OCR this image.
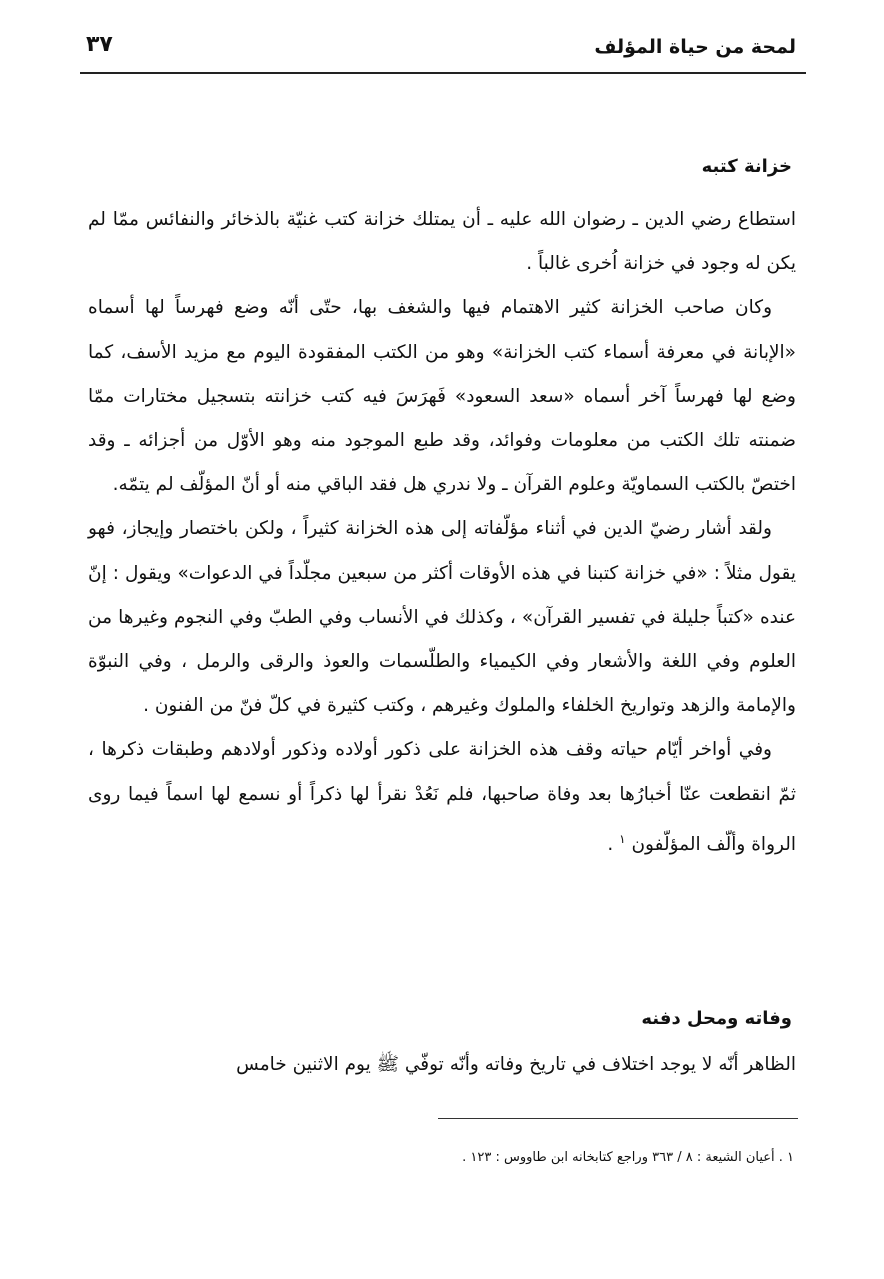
لمحة من حياة المؤلف
٣٧
خزانة كتبه

استطاع رضي الدين ـ رضوان الله عليه ـ أن يمتلك خزانة كتب غنيّة بالذخائر والنفائس ممّا لم يكن له وجود في خزانة اُخرى غالباً .

وكان صاحب الخزانة كثير الاهتمام فيها والشغف بها، حتّى أنّه وضع فهرساً لها أسماه «الإبانة في معرفة أسماء كتب الخزانة» وهو من الكتب المفقودة اليوم مع مزيد الأسف، كما وضع لها فهرساً آخر أسماه «سعد السعود» فَهرَسَ فيه كتب خزانته بتسجيل مختارات ممّا ضمنته تلك الكتب من معلومات وفوائد، وقد طبع الموجود منه وهو الأوّل من أجزائه ـ وقد اختصّ بالكتب السماويّة وعلوم القرآن ـ ولا ندري هل فقد الباقي منه أو أنّ المؤلّف لم يتمّه.

ولقد أشار رضيّ الدين في أثناء مؤلّفاته إلى هذه الخزانة كثيراً ، ولكن باختصار وإيجاز، فهو يقول مثلاً : «في خزانة كتبنا في هذه الأوقات أكثر من سبعين مجلّداً في الدعوات» ويقول : إنّ عنده «كتباً جليلة في تفسير القرآن» ، وكذلك في الأنساب وفي الطبّ وفي النجوم وغيرها من العلوم وفي اللغة والأشعار وفي الكيمياء والطلّسمات والعوذ والرقى والرمل ، وفي النبوّة والإمامة والزهد وتواريخ الخلفاء والملوك وغيرهم ، وكتب كثيرة في كلّ فنّ من الفنون .

وفي أواخر أيّام حياته وقف هذه الخزانة على ذكور أولاده وذكور أولادهم وطبقات ذكرها ، ثمّ انقطعت عنّا أخبارُها بعد وفاة صاحبها، فلم نَعُدْ نقرأ لها ذكراً أو نسمع لها اسماً فيما روى الرواة وألّف المؤلّفون $^١$ .

وفاته ومحل دفنه

الظاهر أنّه لا يوجد اختلاف في تاريخ وفاته وأنّه توفّي ﷺ يوم الاثنين خامس

١ . أعيان الشيعة : ٨ / ٣٦٣ وراجع كتابخانه ابن طاووس : ١٢٣ .
